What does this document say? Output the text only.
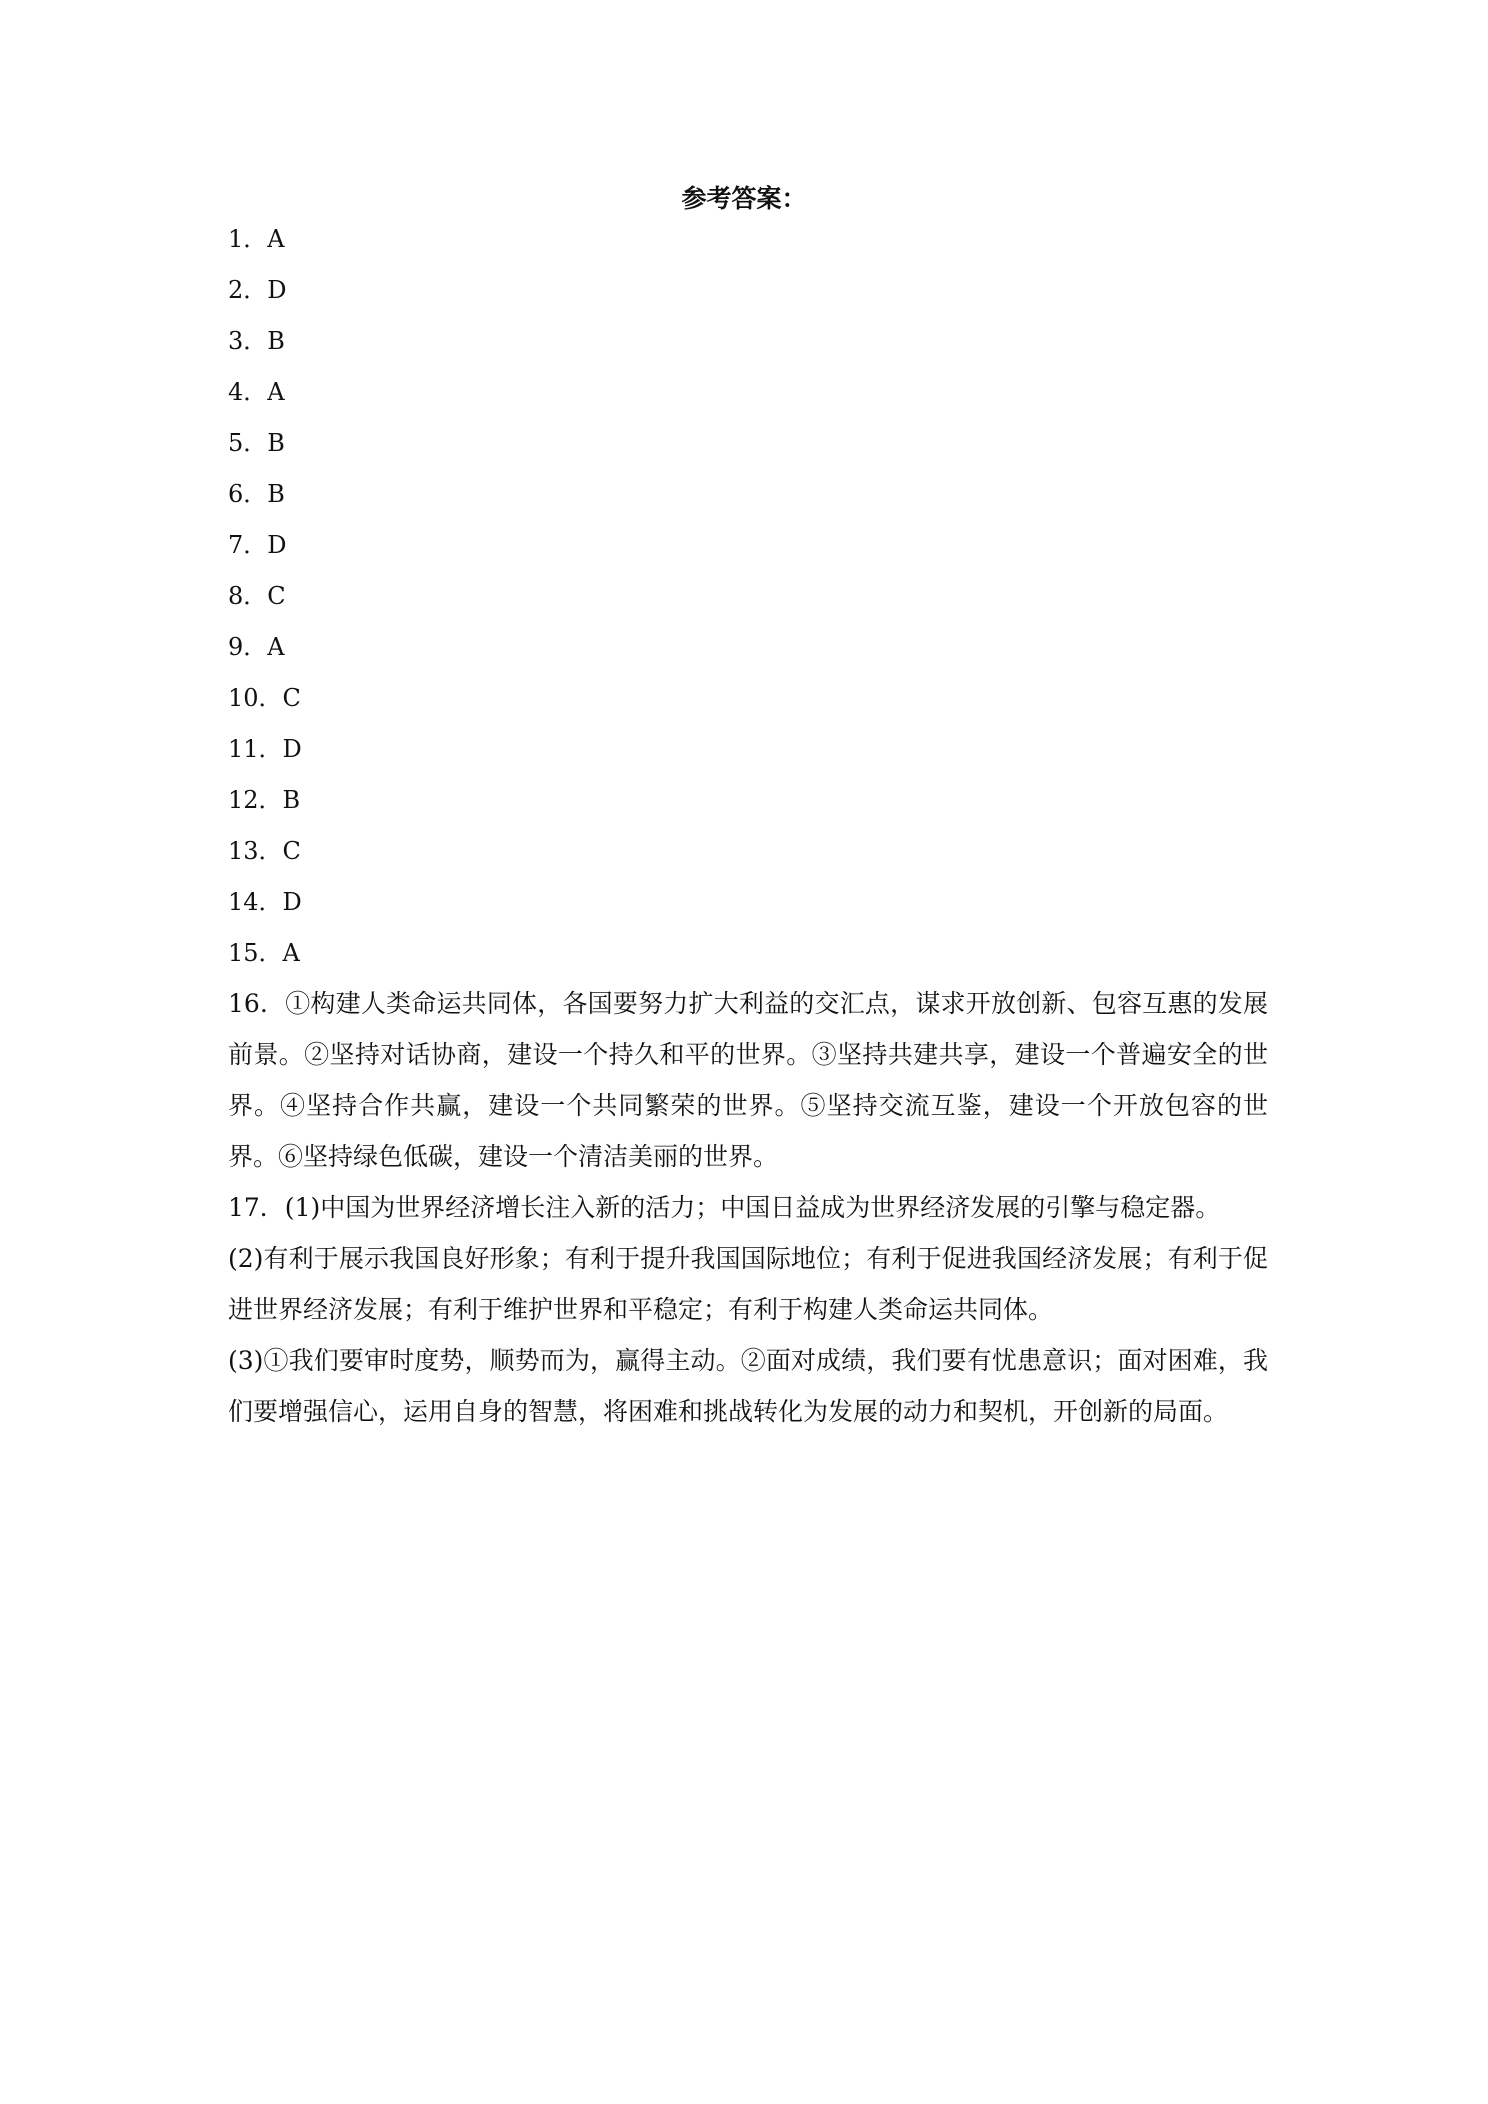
参考答案：
1．A
2．D
3．B
4．A
5．B
6．B
7．D
8．C
9．A
10．C
11．D
12．B
13．C
14．D
15．A

16．①构建人类命运共同体，各国要努力扩大利益的交汇点，谋求开放创新、包容互惠的发展前景。②坚持对话协商，建设一个持久和平的世界。③坚持共建共享，建设一个普遍安全的世界。④坚持合作共赢，建设一个共同繁荣的世界。⑤坚持交流互鉴，建设一个开放包容的世界。⑥坚持绿色低碳，建设一个清洁美丽的世界。

17．(1)中国为世界经济增长注入新的活力；中国日益成为世界经济发展的引擎与稳定器。

(2)有利于展示我国良好形象；有利于提升我国国际地位；有利于促进我国经济发展；有利于促进世界经济发展；有利于维护世界和平稳定；有利于构建人类命运共同体。

(3)①我们要审时度势，顺势而为，赢得主动。②面对成绩，我们要有忧患意识；面对困难，我们要增强信心，运用自身的智慧，将困难和挑战转化为发展的动力和契机，开创新的局面。
